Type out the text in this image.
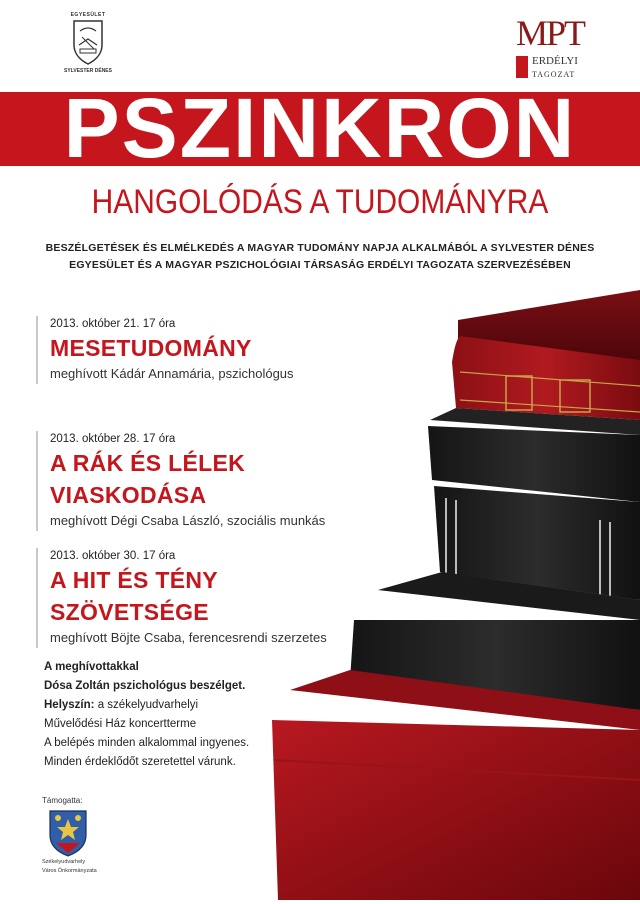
EGYESÜLET
SYLVESTER DÉNES
MPT
ERDÉLYI
TAGOZAT
PSZINKRON
HANGOLÓDÁS A TUDOMÁNYRA
BESZÉLGETÉSEK ÉS ELMÉLKEDÉS A MAGYAR TUDOMÁNY NAPJA ALKALMÁBÓL A SYLVESTER DÉNES
EGYESÜLET ÉS A MAGYAR PSZICHOLÓGIAI TÁRSASÁG ERDÉLYI TAGOZATA SZERVEZÉSÉBEN
2013. október 21. 17 óra
MESETUDOMÁNY
meghívott Kádár Annamária, pszichológus
2013. október 28. 17 óra
A RÁK ÉS LÉLEK VIASKODÁSA
meghívott Dégi Csaba László, szociális munkás
2013. október 30. 17 óra
A HIT ÉS TÉNY SZÖVETSÉGE
meghívott Böjte Csaba, ferencesrendi szerzetes
A meghívottakkal
Dósa Zoltán pszichológus beszélget.
Helyszín: a székelyudvarhelyi
Művelődési Ház koncertterme
A belépés minden alkalommal ingyenes.
Minden érdeklődőt szeretettel várunk.
Támogatta:
Székelyudvarhely
Város Önkormányzata
